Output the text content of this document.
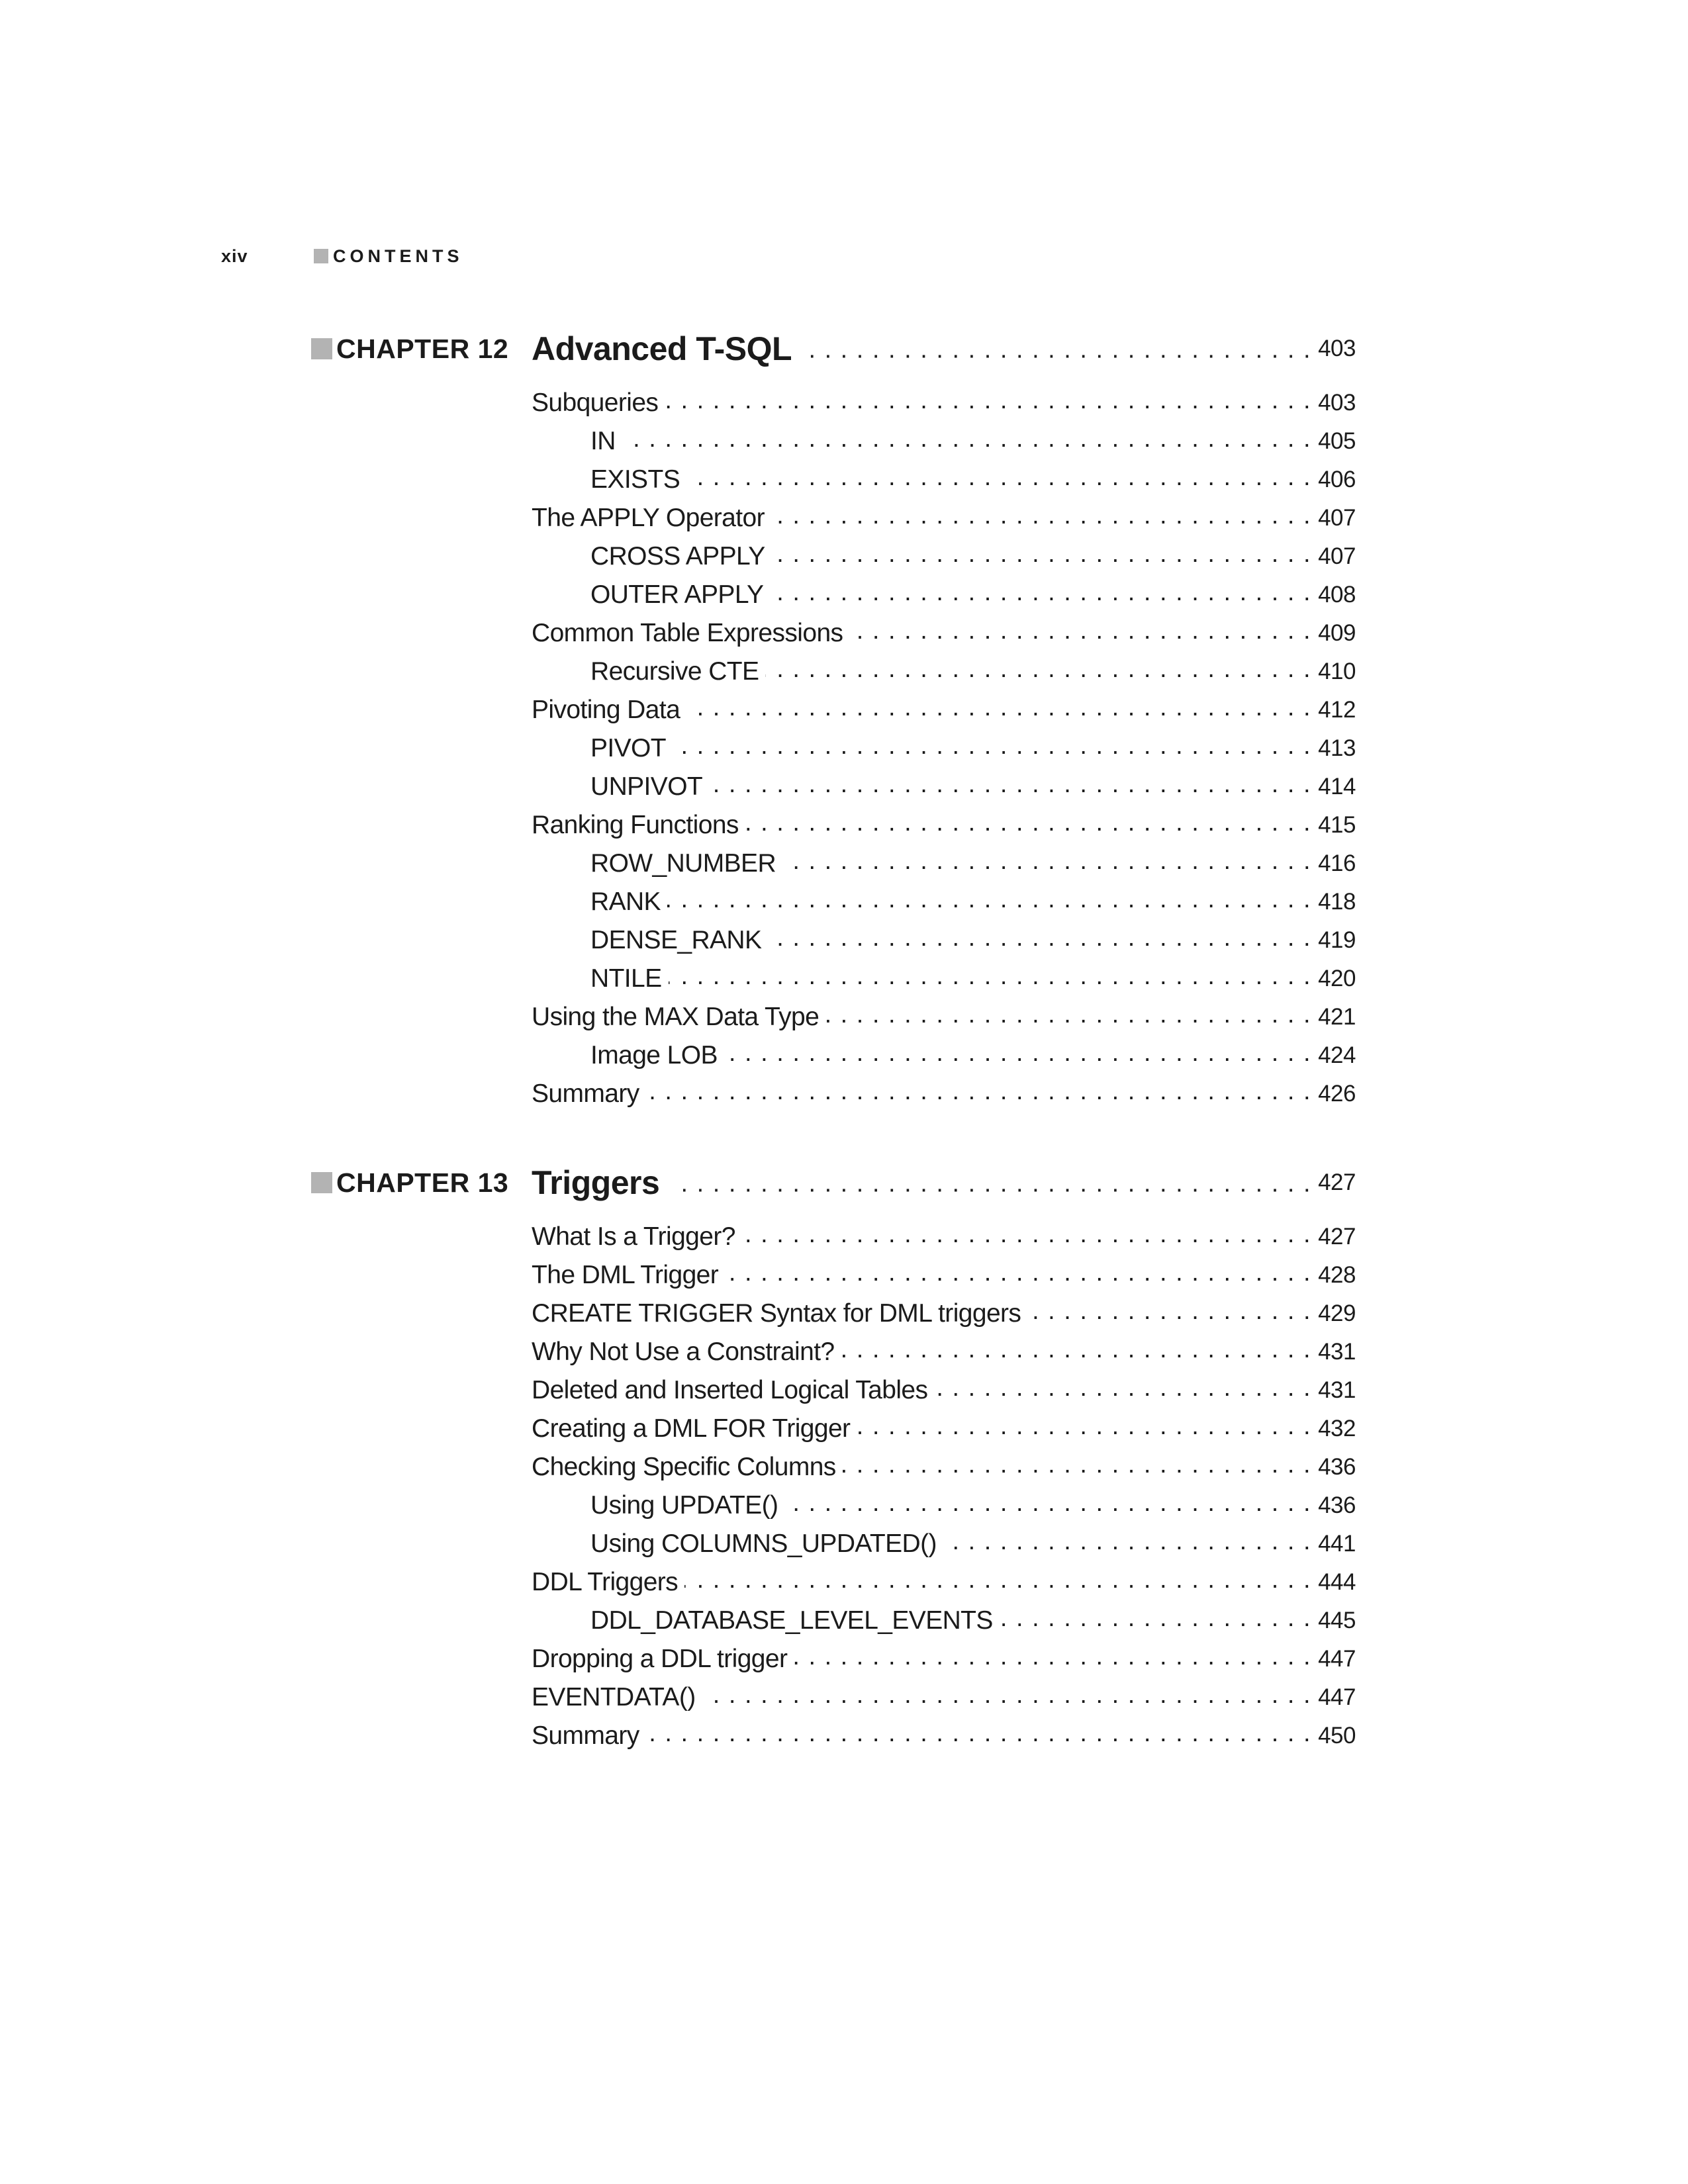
xiv	CONTENTS
CHAPTER 12 Advanced T-SQL . . .	403
Subqueries . . .	403
IN . . .	405
EXISTS . . .	406
The APPLY Operator . . .	407
CROSS APPLY . . .	407
OUTER APPLY . . .	408
Common Table Expressions . . .	409
Recursive CTE . . .	410
Pivoting Data . . .	412
PIVOT . . .	413
UNPIVOT . . .	414
Ranking Functions . . .	415
ROW_NUMBER . . .	416
RANK . . .	418
DENSE_RANK . . .	419
NTILE . . .	420
Using the MAX Data Type . . .	421
Image LOB . . .	424
Summary . . .	426
CHAPTER 13 Triggers . . .	427
What Is a Trigger? . . .	427
The DML Trigger . . .	428
CREATE TRIGGER Syntax for DML triggers . . .	429
Why Not Use a Constraint? . . .	431
Deleted and Inserted Logical Tables . . .	431
Creating a DML FOR Trigger . . .	432
Checking Specific Columns . . .	436
Using UPDATE() . . .	436
Using COLUMNS_UPDATED() . . .	441
DDL Triggers . . .	444
DDL_DATABASE_LEVEL_EVENTS . . .	445
Dropping a DDL trigger . . .	447
EVENTDATA() . . .	447
Summary . . .	450
